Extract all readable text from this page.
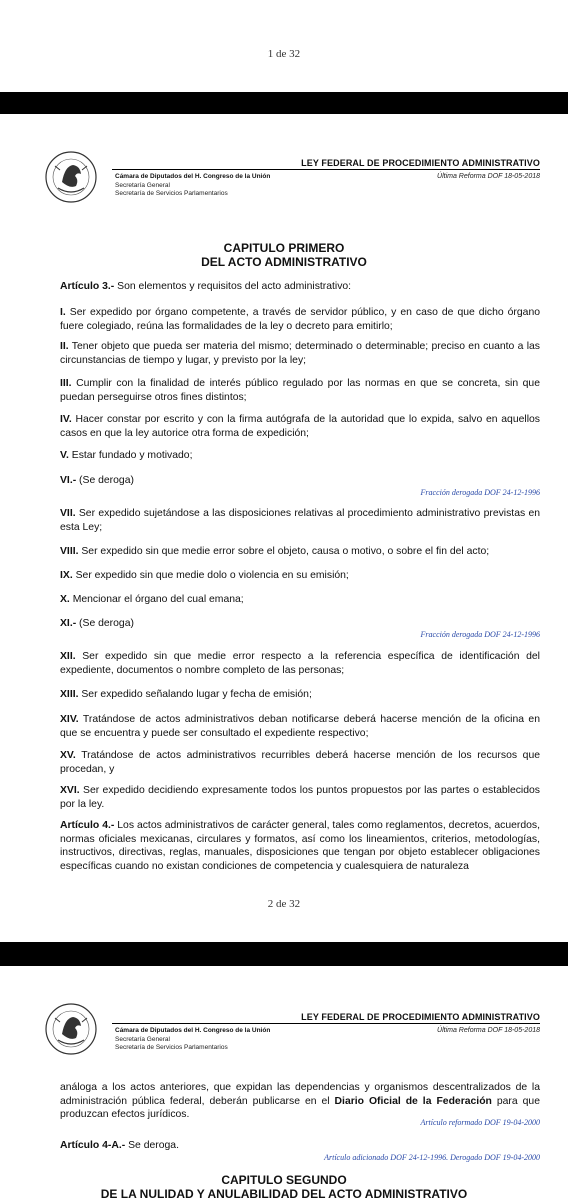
1 de 32
LEY FEDERAL DE PROCEDIMIENTO ADMINISTRATIVO
Cámara de Diputados del H. Congreso de la Unión	Última Reforma DOF 18-05-2018
Secretaría General
Secretaría de Servicios Parlamentarios
CAPITULO PRIMERO
DEL ACTO ADMINISTRATIVO

Artículo 3.- Son elementos y requisitos del acto administrativo:

I. Ser expedido por órgano competente, a través de servidor público, y en caso de que dicho órgano fuere colegiado, reúna las formalidades de la ley o decreto para emitirlo;

II. Tener objeto que pueda ser materia del mismo; determinado o determinable; preciso en cuanto a las circunstancias de tiempo y lugar, y previsto por la ley;

III. Cumplir con la finalidad de interés público regulado por las normas en que se concreta, sin que puedan perseguirse otros fines distintos;

IV. Hacer constar por escrito y con la firma autógrafa de la autoridad que lo expida, salvo en aquellos casos en que la ley autorice otra forma de expedición;

V. Estar fundado y motivado;

VI.- (Se deroga)

Fracción derogada DOF 24-12-1996

VII. Ser expedido sujetándose a las disposiciones relativas al procedimiento administrativo previstas en esta Ley;

VIII. Ser expedido sin que medie error sobre el objeto, causa o motivo, o sobre el fin del acto;

IX. Ser expedido sin que medie dolo o violencia en su emisión;

X. Mencionar el órgano del cual emana;

XI.- (Se deroga)

Fracción derogada DOF 24-12-1996

XII. Ser expedido sin que medie error respecto a la referencia específica de identificación del expediente, documentos o nombre completo de las personas;

XIII. Ser expedido señalando lugar y fecha de emisión;

XIV. Tratándose de actos administrativos deban notificarse deberá hacerse mención de la oficina en que se encuentra y puede ser consultado el expediente respectivo;

XV. Tratándose de actos administrativos recurribles deberá hacerse mención de los recursos que procedan, y

XVI. Ser expedido decidiendo expresamente todos los puntos propuestos por las partes o establecidos por la ley.

Artículo 4.- Los actos administrativos de carácter general, tales como reglamentos, decretos, acuerdos, normas oficiales mexicanas, circulares y formatos, así como los lineamientos, criterios, metodologías, instructivos, directivas, reglas, manuales, disposiciones que tengan por objeto establecer obligaciones específicas cuando no existan condiciones de competencia y cualesquiera de naturaleza

2 de 32
LEY FEDERAL DE PROCEDIMIENTO ADMINISTRATIVO
Cámara de Diputados del H. Congreso de la Unión	Última Reforma DOF 18-05-2018
Secretaría General
Secretaría de Servicios Parlamentarios

análoga a los actos anteriores, que expidan las dependencias y organismos descentralizados de la administración pública federal, deberán publicarse en el Diario Oficial de la Federación para que produzcan efectos jurídicos.

Artículo reformado DOF 19-04-2000

Artículo 4-A.- Se deroga.

Artículo adicionado DOF 24-12-1996. Derogado DOF 19-04-2000
CAPITULO SEGUNDO
DE LA NULIDAD Y ANULABILIDAD DEL ACTO ADMINISTRATIVO
